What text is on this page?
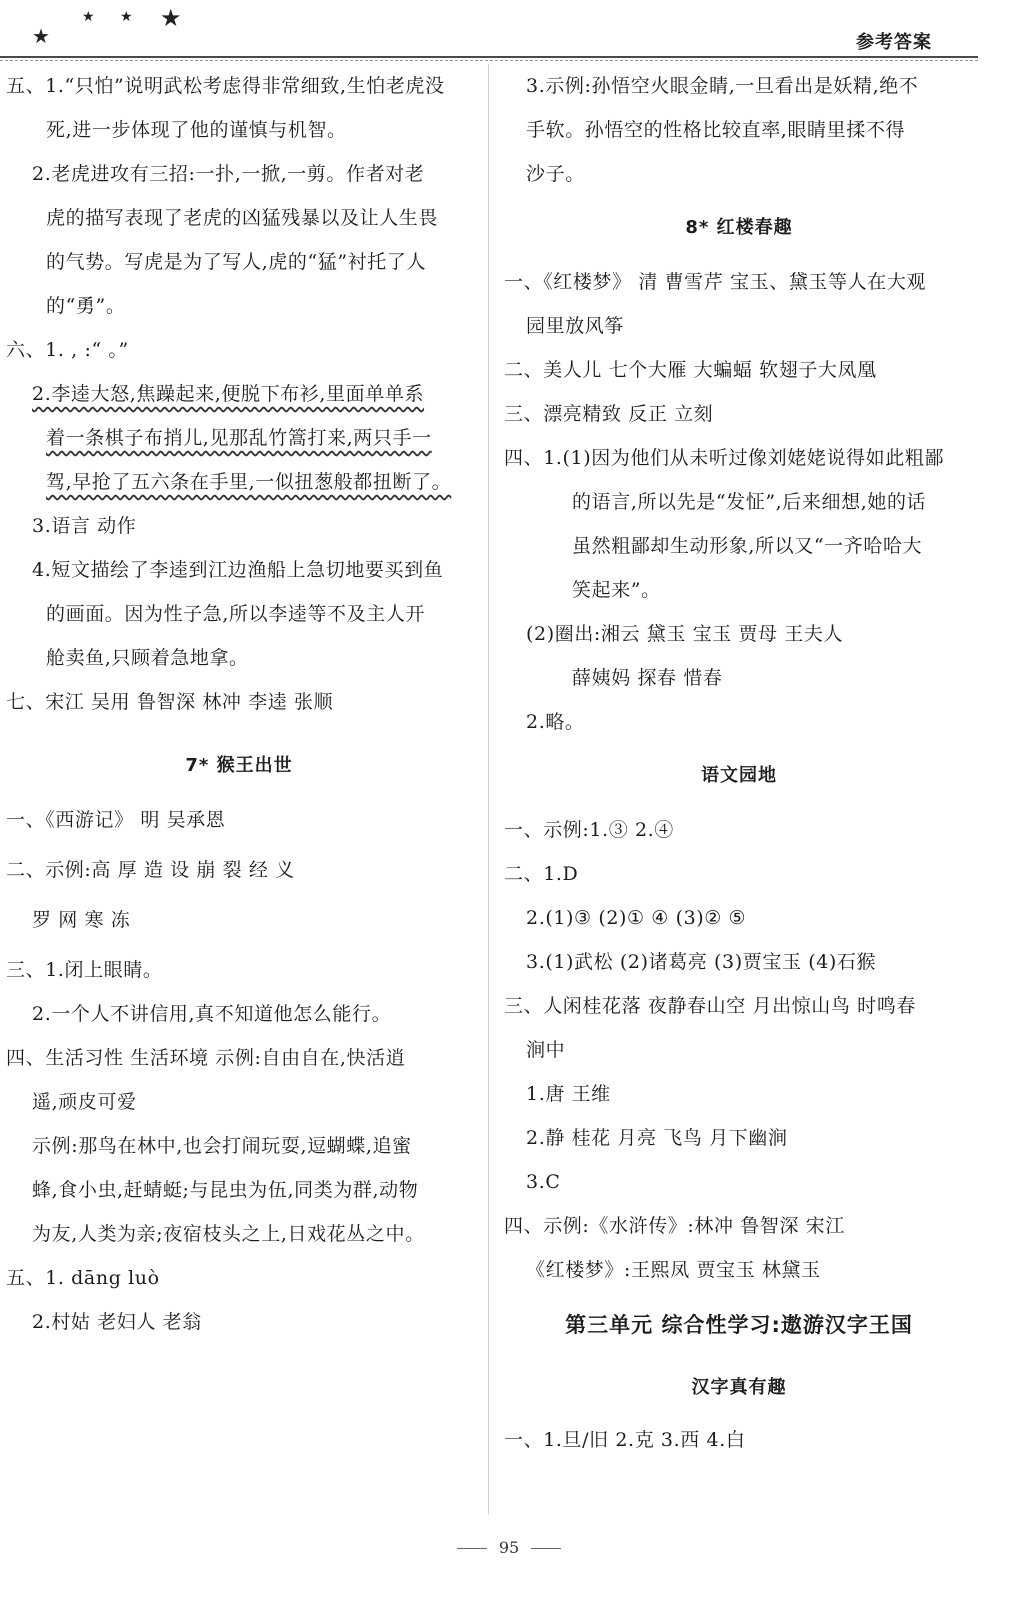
★
★ ★ ★
参考答案
五、1.“只怕”说明武松考虑得非常细致,生怕老虎没
死,进一步体现了他的谨慎与机智。
2.老虎进攻有三招:一扑,一掀,一剪。作者对老
虎的描写表现了老虎的凶猛残暴以及让人生畏
的气势。写虎是为了写人,虎的“猛”衬托了人
的“勇”。
六、1. , :“ 。”
2.李逵大怒,焦躁起来,便脱下布衫,里面单单系
着一条棋子布捎儿,见那乱竹篙打来,两只手一
驾,早抢了五六条在手里,一似扭葱般都扭断了。
3.语言 动作
4.短文描绘了李逵到江边渔船上急切地要买到鱼
的画面。因为性子急,所以李逵等不及主人开
舱卖鱼,只顾着急地拿。
七、宋江 吴用 鲁智深 林冲 李逵 张顺
7* 猴王出世
一、《西游记》 明 吴承恩
二、示例:高 厚 造 设 崩 裂 经 义
罗 网 寒 冻
三、1.闭上眼睛。
2.一个人不讲信用,真不知道他怎么能行。
四、生活习性 生活环境 示例:自由自在,快活逍
遥,顽皮可爱
示例:那鸟在林中,也会打闹玩耍,逗蝴蝶,追蜜
蜂,食小虫,赶蜻蜓;与昆虫为伍,同类为群,动物
为友,人类为亲;夜宿枝头之上,日戏花丛之中。
五、1. dāng luò
2.村姑 老妇人 老翁
3.示例:孙悟空火眼金睛,一旦看出是妖精,绝不
手软。孙悟空的性格比较直率,眼睛里揉不得
沙子。
8* 红楼春趣
一、《红楼梦》 清 曹雪芹 宝玉、黛玉等人在大观
园里放风筝
二、美人儿 七个大雁 大蝙蝠 软翅子大凤凰
三、漂亮精致 反正 立刻
四、1.(1)因为他们从未听过像刘姥姥说得如此粗鄙
的语言,所以先是“发怔”,后来细想,她的话
虽然粗鄙却生动形象,所以又“一齐哈哈大
笑起来”。
(2)圈出:湘云 黛玉 宝玉 贾母 王夫人
薛姨妈 探春 惜春
2.略。
语文园地
一、示例:1.③ 2.④
二、1.D
2.(1)③ (2)① ④ (3)② ⑤
3.(1)武松 (2)诸葛亮 (3)贾宝玉 (4)石猴
三、人闲桂花落 夜静春山空 月出惊山鸟 时鸣春
涧中
1.唐 王维
2.静 桂花 月亮 飞鸟 月下幽涧
3.C
四、示例:《水浒传》:林冲 鲁智深 宋江
《红楼梦》:王熙凤 贾宝玉 林黛玉
第三单元 综合性学习:遨游汉字王国
汉字真有趣
一、1.旦/旧 2.克 3.西 4.白
95
